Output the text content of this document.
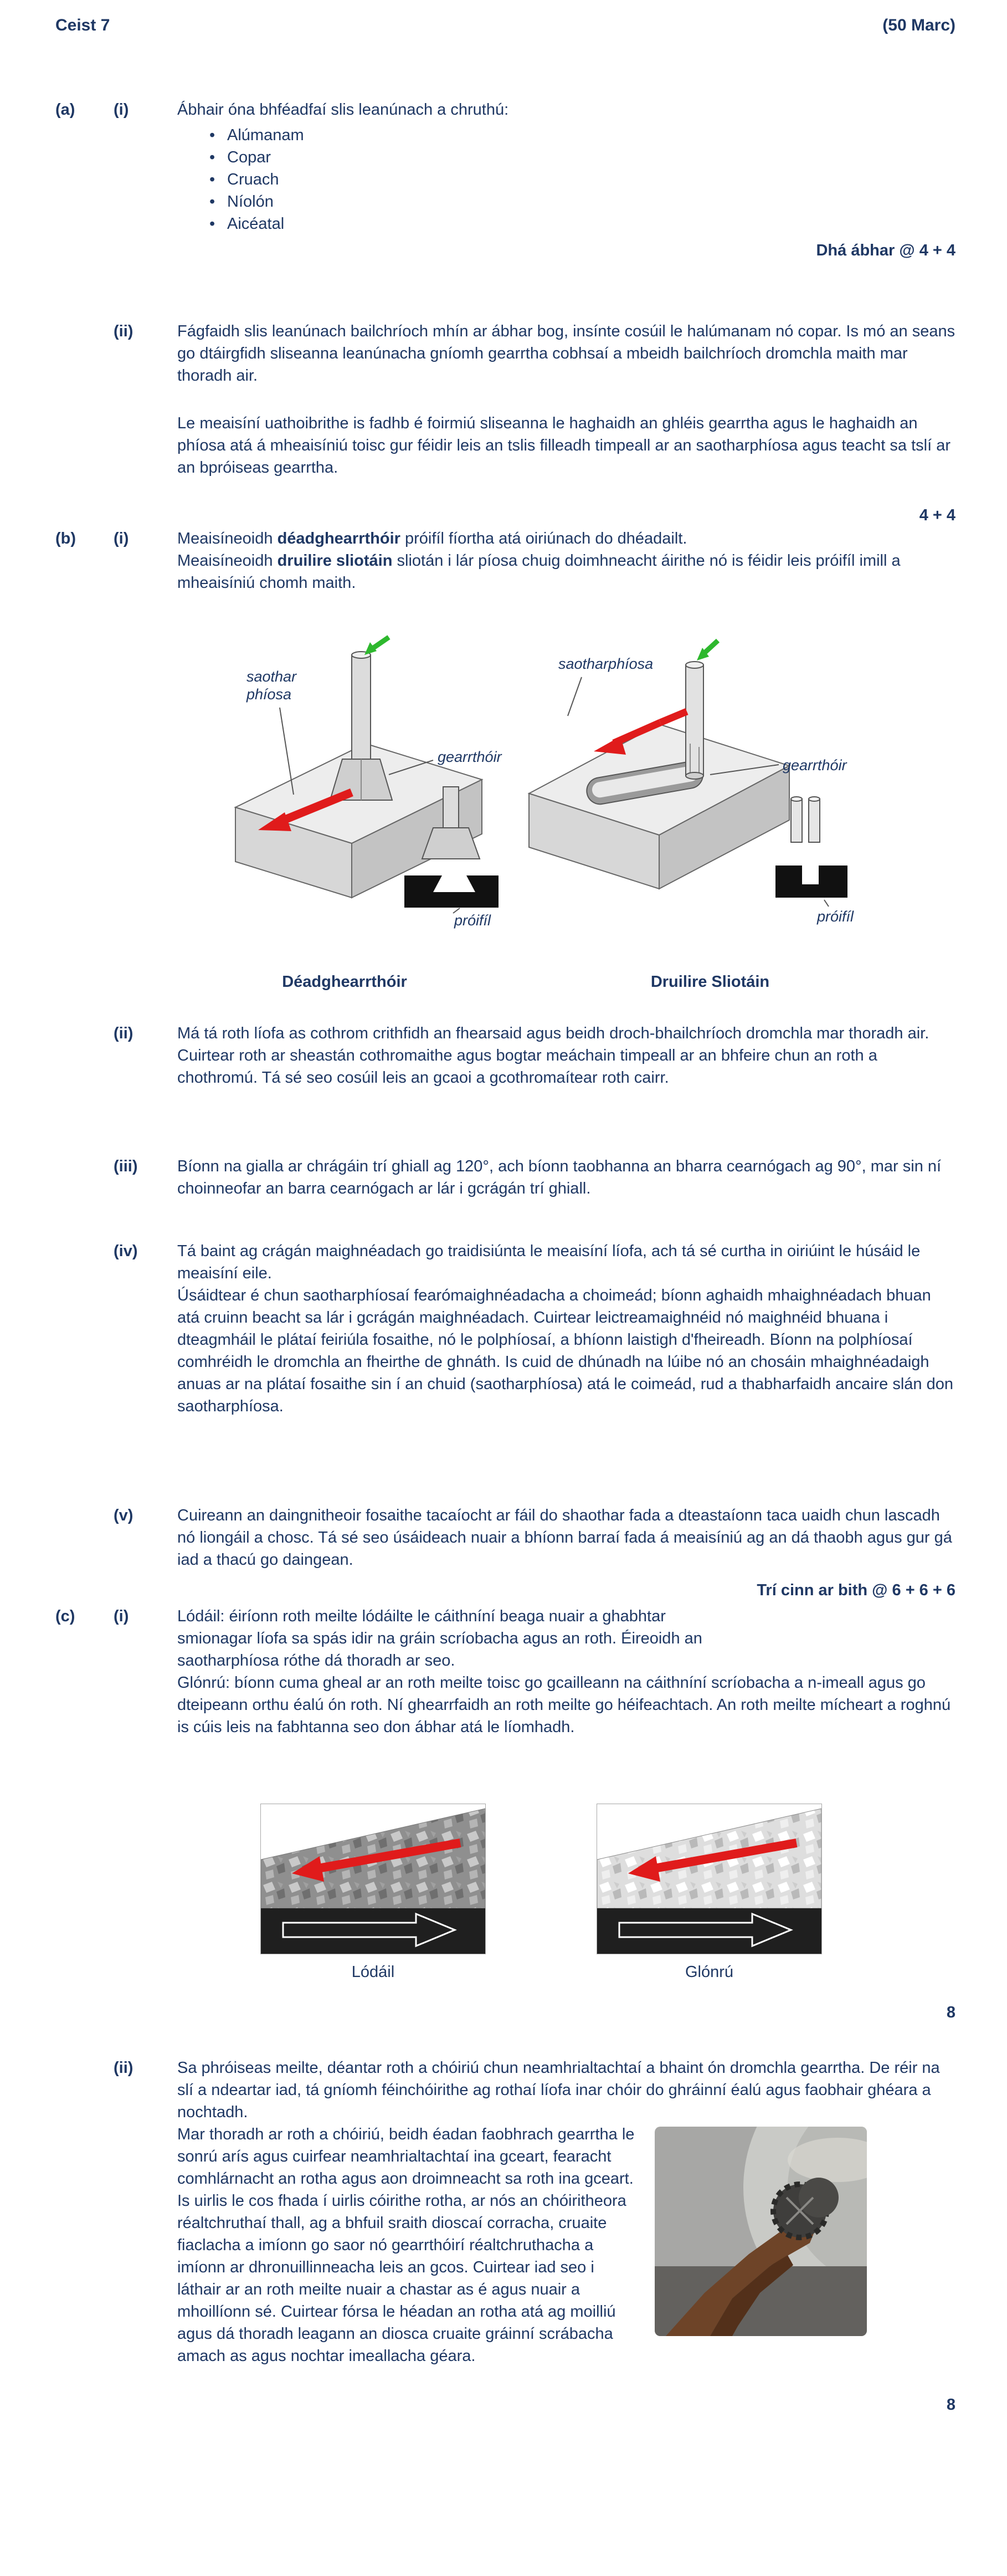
Ceist 7	(50 Marc)
(a)	(i)	Ábhair óna bhféadfaí slis leanúnach a chruthú:
• Alúmanam
• Copar
• Cruach
• Níolón
• Aicéatal
Dhá ábhar @ 4 + 4
(ii)	Fágfaidh slis leanúnach bailchríoch mhín ar ábhar bog, insínte cosúil le halúmanam nó copar. Is mó an seans go dtáirgfidh sliseanna leanúnacha gníomh gearrtha cobhsaí a mbeidh bailchríoch dromchla maith mar thoradh air.
Le meaisíní uathoibrithe is fadhb é foirmiú sliseanna le haghaidh an ghléis gearrtha agus le haghaidh an phíosa atá á mheaisíniú toisc gur féidir leis an tslis filleadh timpeall ar an saotharphíosa agus teacht sa tslí ar an bpróiseas gearrtha.
4 + 4
(b)	(i)	Meaisíneoidh déadghearrthóir próifíl fíortha atá oiriúnach do dhéadailt.
Meaisíneoidh druilire sliotáin sliotán i lár píosa chuig doimhneacht áirithe nó is féidir leis próifíl imill a mheaisíniú chomh maith.
saothar
phíosa
gearrthóir
próifíl
saotharphíosa
gearrthóir
próifíl
Déadghearrthóir	Druilire Sliotáin
(ii)	Má tá roth líofa as cothrom crithfidh an fhearsaid agus beidh droch-bhailchríoch dromchla mar thoradh air.
Cuirtear roth ar sheastán cothromaithe agus bogtar meáchain timpeall ar an bhfeire chun an roth a chothromú. Tá sé seo cosúil leis an gcaoi a gcothromaítear roth cairr.
(iii)	Bíonn na gialla ar chrágáin trí ghiall ag 120°, ach bíonn taobhanna an bharra cearnógach ag 90°, mar sin ní choinneofar an barra cearnógach ar lár i gcrágán trí ghiall.
(iv)	Tá baint ag crágán maighnéadach go traidisiúnta le meaisíní líofa, ach tá sé curtha in oiriúint le húsáid le meaisíní eile.
Úsáidtear é chun saotharphíosaí fearómaighnéadacha a choimeád; bíonn aghaidh mhaighnéadach bhuan atá cruinn beacht sa lár i gcrágán maighnéadach. Cuirtear leictreamaighnéid nó maighnéid bhuana i dteagmháil le plátaí feiriúla fosaithe, nó le polphíosaí, a bhíonn laistigh d'fheireadh. Bíonn na polphíosaí comhréidh le dromchla an fheirthe de ghnáth. Is cuid de dhúnadh na lúibe nó an chosáin mhaighnéadaigh anuas ar na plátaí fosaithe sin í an chuid (saotharphíosa) atá le coimeád, rud a thabharfaidh ancaire slán don saotharphíosa.
(v)	Cuireann an daingnitheoir fosaithe tacaíocht ar fáil do shaothar fada a dteastaíonn taca uaidh chun lascadh nó liongáil a chosc. Tá sé seo úsáideach nuair a bhíonn barraí fada á meaisíniú ag an dá thaobh agus gur gá iad a thacú go daingean.
Trí cinn ar bith @ 6 + 6 + 6
(c)	(i)	Lódáil: éiríonn roth meilte lódáilte le cáithníní beaga nuair a ghabhtar smionagar líofa sa spás idir na gráin scríobacha agus an roth. Éireoidh an saotharphíosa róthe dá thoradh ar seo.
Glónrú: bíonn cuma gheal ar an roth meilte toisc go gcailleann na cáithníní scríobacha a n-imeall agus go dteipeann orthu éalú ón roth. Ní ghearrfaidh an roth meilte go héifeachtach. An roth meilte mícheart a roghnú is cúis leis na fabhtanna seo don ábhar atá le líomhadh.
Lódáil	Glónrú
8
(ii)	Sa phróiseas meilte, déantar roth a chóiriú chun neamhrialtachtaí a bhaint ón dromchla gearrtha. De réir na slí a ndeartar iad, tá gníomh féinchóirithe ag rothaí líofa inar chóir do ghráinní éalú agus faobhair ghéara a nochtadh.
Mar thoradh ar roth a chóiriú, beidh éadan faobhrach gearrtha le sonrú arís agus cuirfear neamhrialtachtaí ina gceart, fearacht comhlárnacht an rotha agus aon droimneacht sa roth ina gceart.
Is uirlis le cos fhada í uirlis cóirithe rotha, ar nós an chóiritheora réaltchruthaí thall, ag a bhfuil sraith dioscaí corracha, cruaite fiaclacha a imíonn go saor nó gearrthóirí réaltchruthacha a imíonn ar dhronuillinneacha leis an gcos. Cuirtear iad seo i láthair ar an roth meilte nuair a chastar as é agus nuair a mhoillíonn sé. Cuirtear fórsa le héadan an rotha atá ag moilliú agus dá thoradh leagann an diosca cruaite gráinní scrábacha amach as agus nochtar imeallacha géara.
8
